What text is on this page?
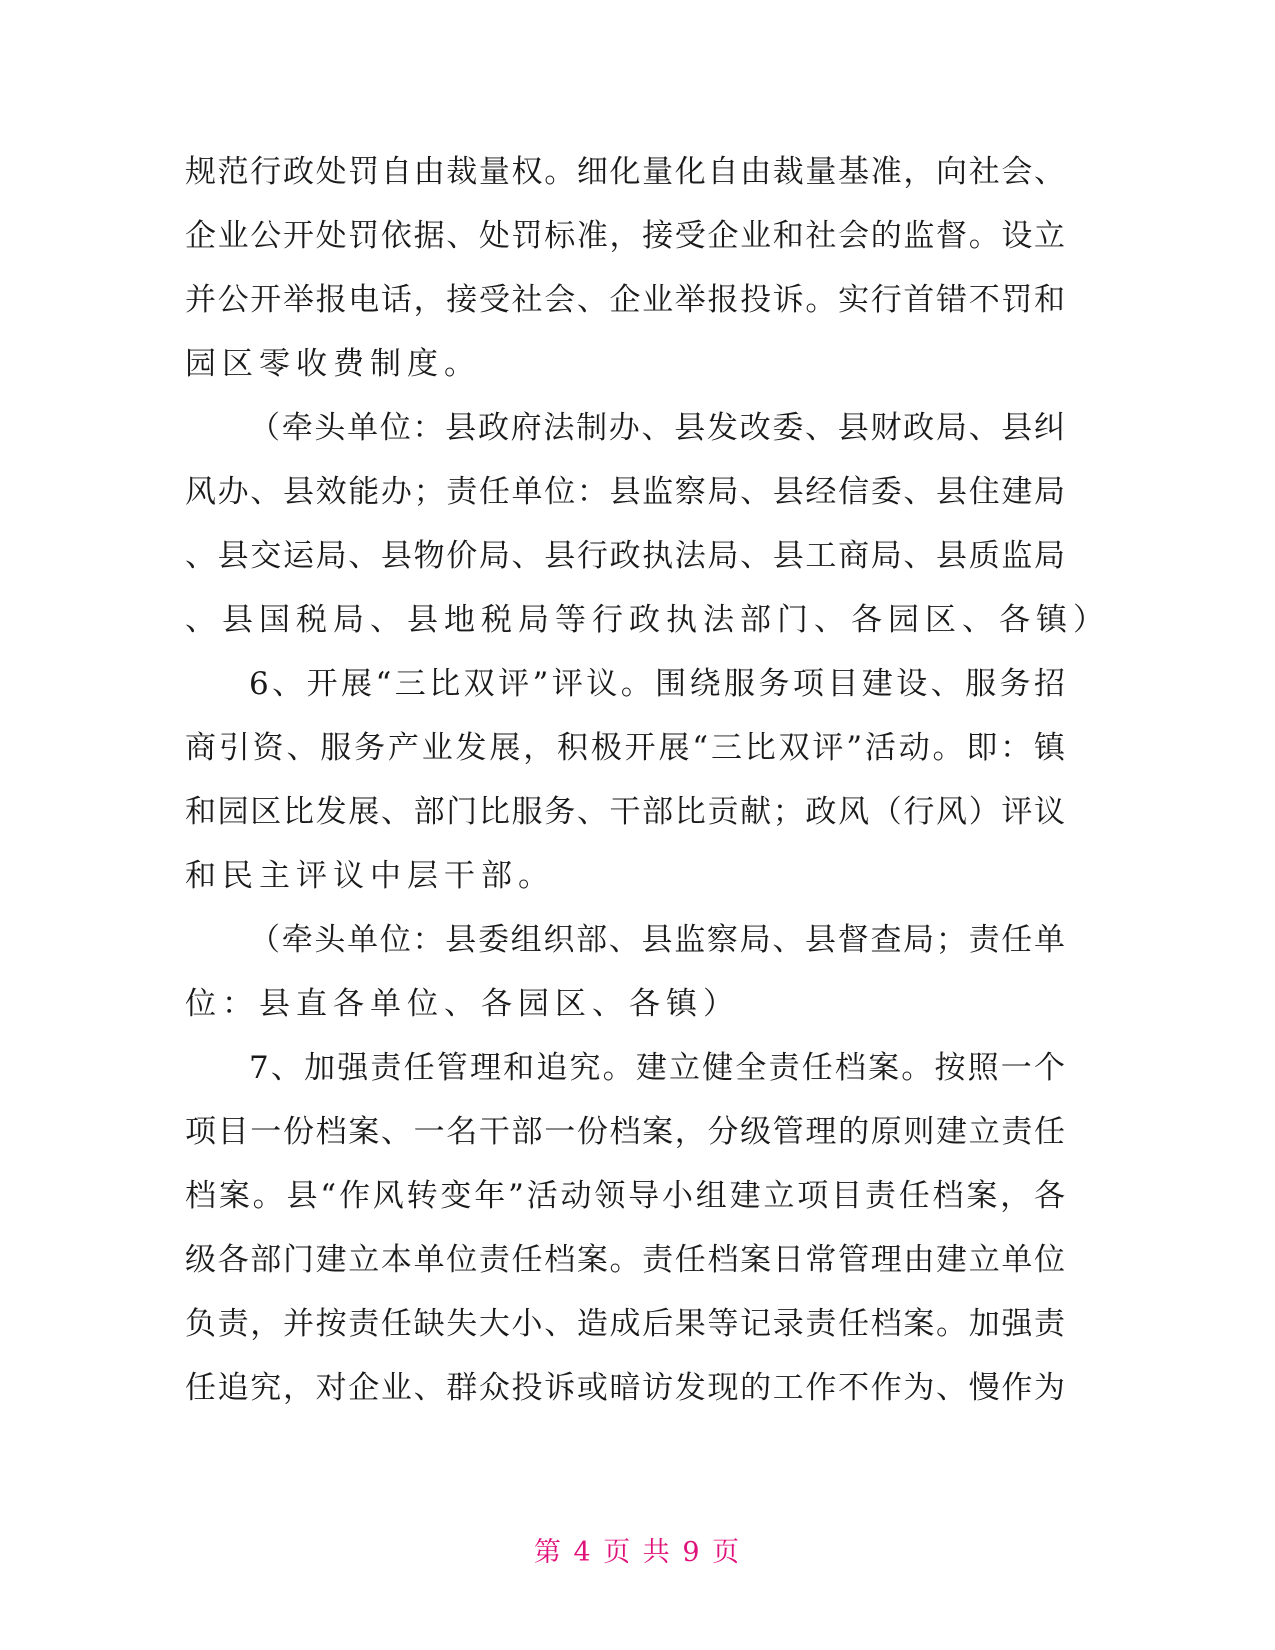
规范行政处罚自由裁量权。细化量化自由裁量基准，向社会、
企业公开处罚依据、处罚标准，接受企业和社会的监督。设立
并公开举报电话，接受社会、企业举报投诉。实行首错不罚和
园区零收费制度。
（牵头单位：县政府法制办、县发改委、县财政局、县纠
风办、县效能办；责任单位：县监察局、县经信委、县住建局
、县交运局、县物价局、县行政执法局、县工商局、县质监局
、县国税局、县地税局等行政执法部门、各园区、各镇）
6、开展“三比双评”评议。围绕服务项目建设、服务招
商引资、服务产业发展，积极开展“三比双评”活动。即：镇
和园区比发展、部门比服务、干部比贡献；政风（行风）评议
和民主评议中层干部。
（牵头单位：县委组织部、县监察局、县督查局；责任单
位：县直各单位、各园区、各镇）
7、加强责任管理和追究。建立健全责任档案。按照一个
项目一份档案、一名干部一份档案，分级管理的原则建立责任
档案。县“作风转变年”活动领导小组建立项目责任档案，各
级各部门建立本单位责任档案。责任档案日常管理由建立单位
负责，并按责任缺失大小、造成后果等记录责任档案。加强责
任追究，对企业、群众投诉或暗访发现的工作不作为、慢作为
第 4 页 共 9 页
